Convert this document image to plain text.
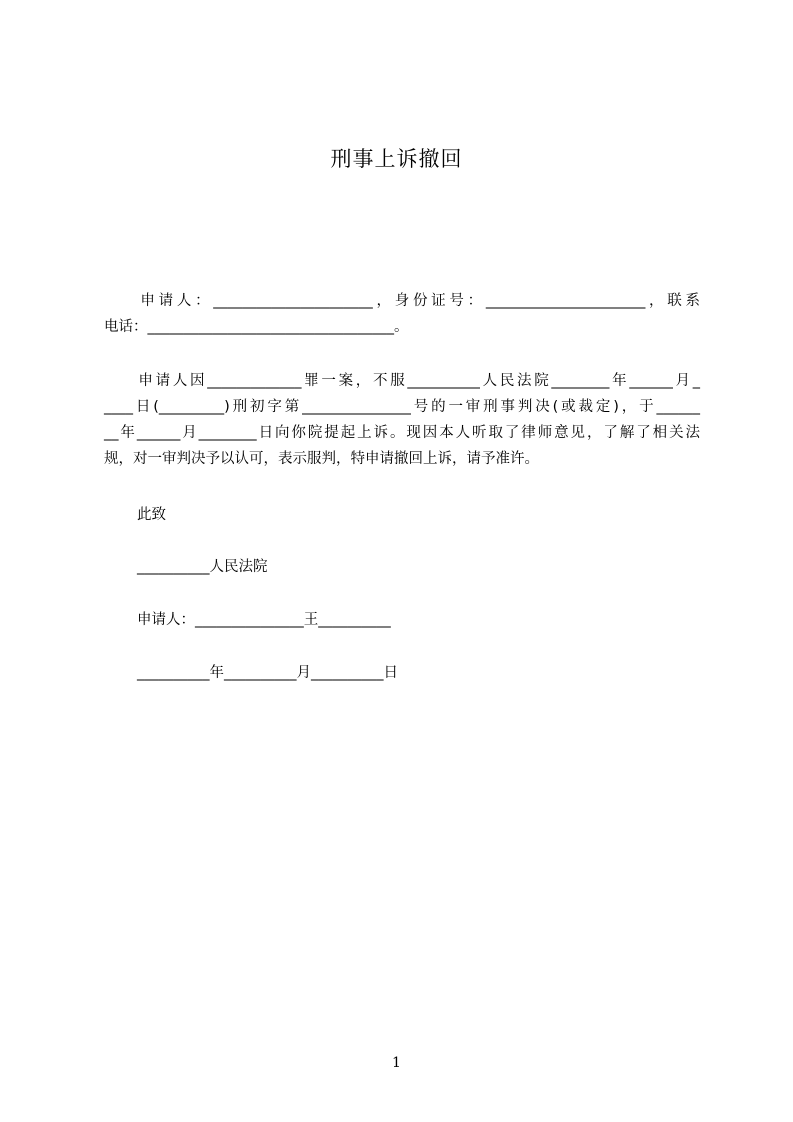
刑事上诉撤回
　　申请人：______________________，身份证号：______________________，联系
电话：__________________________________。
　　申请人因_____________罪一案，不服__________人民法院________年______月_
____日(_________)刑初字第_______________号的一审刑事判决(或裁定)，于______
__年______月________日向你院提起上诉。现因本人听取了律师意见，了解了相关法
规，对一审判决予以认可，表示服判，特申请撤回上诉，请予准许。
此致
__________人民法院
申请人：_______________王__________
__________年__________月__________日
1
